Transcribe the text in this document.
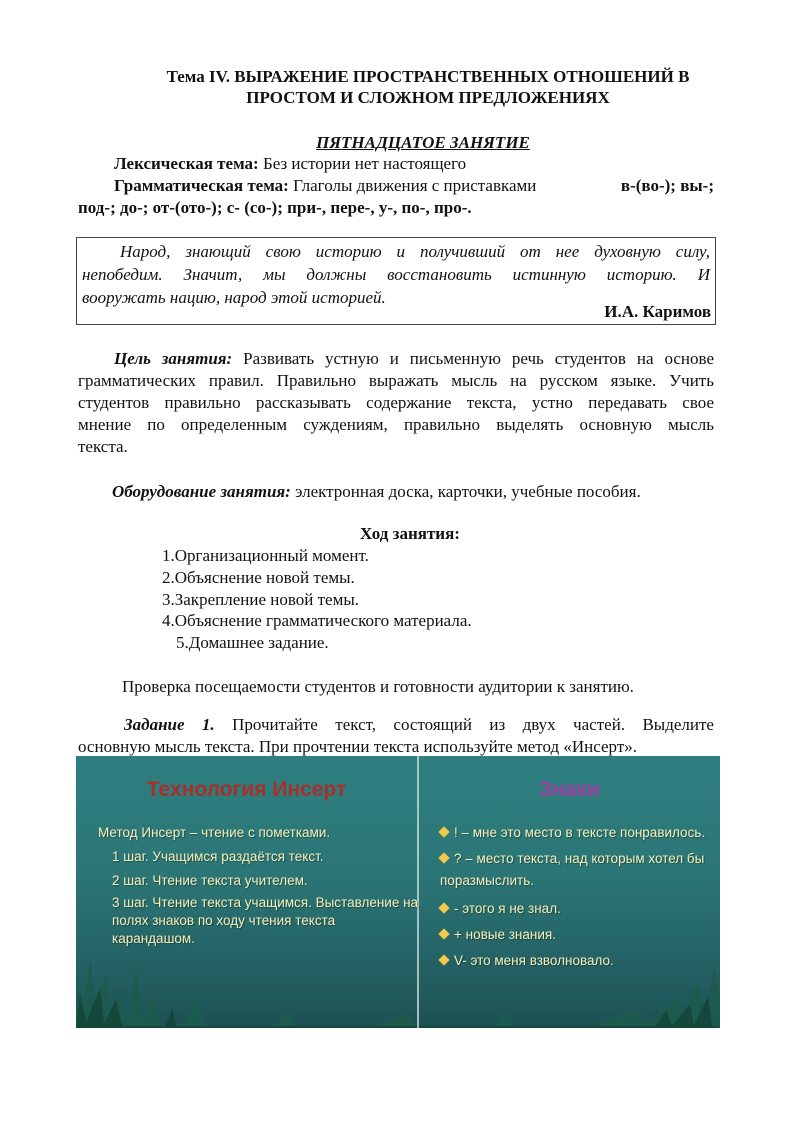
Тема IV. ВЫРАЖЕНИЕ ПРОСТРАНСТВЕННЫХ ОТНОШЕНИЙ В
ПРОСТОМ И СЛОЖНОМ ПРЕДЛОЖЕНИЯХ
ПЯТНАДЦАТОЕ ЗАНЯТИЕ
Лексическая тема: Без истории нет настоящего
Грамматическая тема: Глаголы движения с приставками	в-(во-); вы-;
под-; до-; от-(ото-); с- (со-); при-, пере-, у-, по-, про-.
Народ, знающий свою историю и получивший от нее духовную силу,
непобедим. Значит, мы должны восстановить истинную историю. И
вооружать нацию, народ этой историей.
И.А. Каримов
Цель занятия: Развивать устную и письменную речь студентов на основе
грамматических правил. Правильно выражать мысль на русском языке. Учить
студентов правильно рассказывать содержание текста, устно передавать свое
мнение по определенным суждениям, правильно выделять основную мысль
текста.
Оборудование занятия: электронная доска, карточки, учебные пособия.
Ход занятия:
1.Организационный момент.
2.Объяснение новой темы.
3.Закрепление новой темы.
4.Объяснение грамматического материала.
5.Домашнее задание.
Проверка посещаемости студентов и готовности аудитории к занятию.
Задание 1. Прочитайте текст, состоящий из двух частей. Выделите
основную мысль текста. При прочтении текста используйте метод «Инсерт».
Технология Инсерт
Метод Инсерт – чтение с пометками.
1 шаг. Учащимся раздаётся текст.
2 шаг. Чтение текста учителем.
3 шаг. Чтение текста учащимся. Выставление на
полях знаков по ходу чтения текста
карандашом.
Знаки
! – мне это место в тексте понравилось.
? – место текста, над которым хотел бы
поразмыслить.
- этого я не знал.
+ новые знания.
V- это меня взволновало.
